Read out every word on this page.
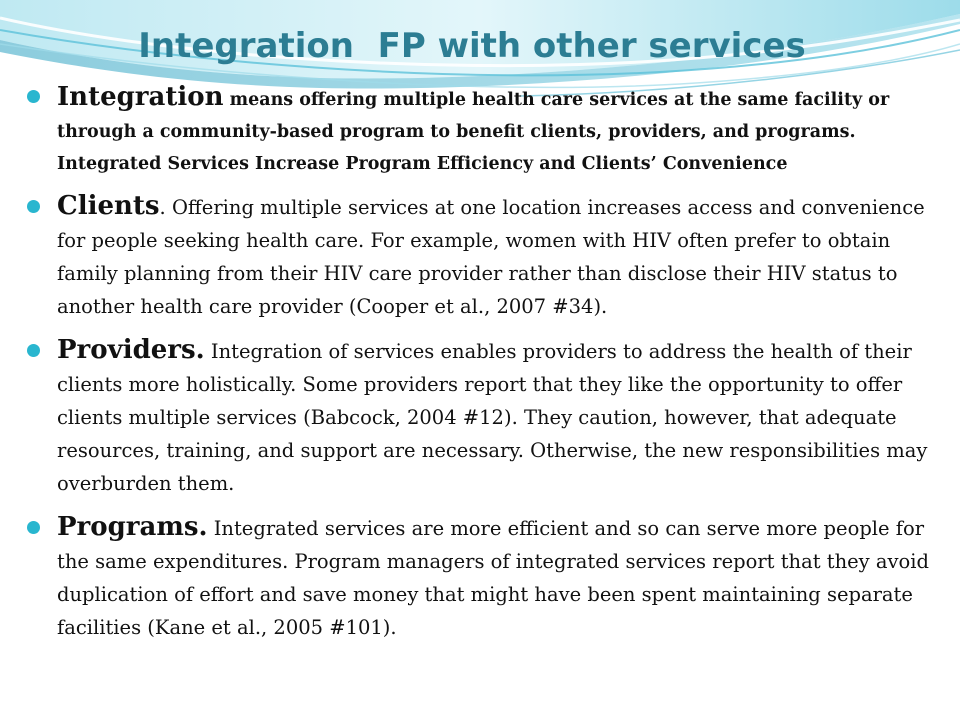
Integration  FP with other services
Integration means offering multiple health care services at the same facility or through a community-based program to benefit clients, providers, and programs. Integrated Services Increase Program Efficiency and Clients’ Convenience
Clients. Offering multiple services at one location increases access and convenience for people seeking health care. For example, women with HIV often prefer to obtain family planning from their HIV care provider rather than disclose their HIV status to another health care provider (Cooper et al., 2007 #34).
Providers. Integration of services enables providers to address the health of their clients more holistically. Some providers report that they like the opportunity to offer clients multiple services (Babcock, 2004 #12). They caution, however, that adequate resources, training, and support are necessary. Otherwise, the new responsibilities may overburden them.
Programs. Integrated services are more efficient and so can serve more people for the same expenditures. Program managers of integrated services report that they avoid duplication of effort and save money that might have been spent maintaining separate facilities (Kane et al., 2005 #101).
